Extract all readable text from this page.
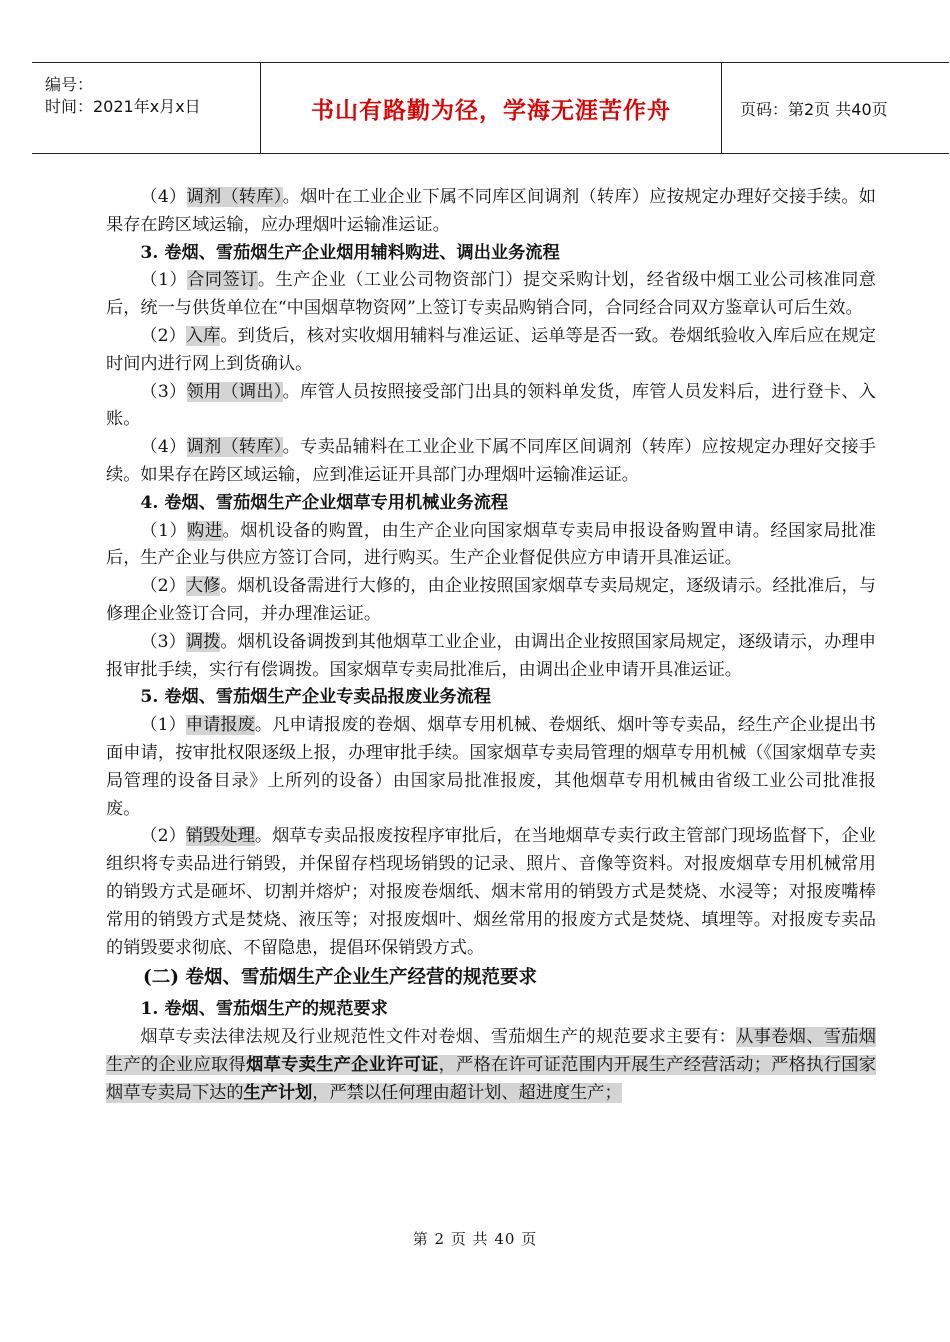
编号：
时间：2021年x月x日	书山有路勤为径，学海无涯苦作舟	页码：第2页 共40页

（4）调剂（转库）。烟叶在工业企业下属不同库区间调剂（转库）应按规定办理好交接手续。如果存在跨区域运输，应办理烟叶运输准运证。

3. 卷烟、雪茄烟生产企业烟用辅料购进、调出业务流程

（1）合同签订。生产企业（工业公司物资部门）提交采购计划，经省级中烟工业公司核准同意后，统一与供货单位在“中国烟草物资网”上签订专卖品购销合同，合同经合同双方鉴章认可后生效。

（2）入库。到货后，核对实收烟用辅料与准运证、运单等是否一致。卷烟纸验收入库后应在规定时间内进行网上到货确认。

（3）领用（调出）。库管人员按照接受部门出具的领料单发货，库管人员发料后，进行登卡、入账。

（4）调剂（转库）。专卖品辅料在工业企业下属不同库区间调剂（转库）应按规定办理好交接手续。如果存在跨区域运输，应到准运证开具部门办理烟叶运输准运证。

4. 卷烟、雪茄烟生产企业烟草专用机械业务流程

（1）购进。烟机设备的购置，由生产企业向国家烟草专卖局申报设备购置申请。经国家局批准后，生产企业与供应方签订合同，进行购买。生产企业督促供应方申请开具准运证。

（2）大修。烟机设备需进行大修的，由企业按照国家烟草专卖局规定，逐级请示。经批准后，与修理企业签订合同，并办理准运证。

（3）调拨。烟机设备调拨到其他烟草工业企业，由调出企业按照国家局规定，逐级请示，办理申报审批手续，实行有偿调拨。国家烟草专卖局批准后，由调出企业申请开具准运证。

5. 卷烟、雪茄烟生产企业专卖品报废业务流程

（1）申请报废。凡申请报废的卷烟、烟草专用机械、卷烟纸、烟叶等专卖品，经生产企业提出书面申请，按审批权限逐级上报，办理审批手续。国家烟草专卖局管理的烟草专用机械（《国家烟草专卖局管理的设备目录》上所列的设备）由国家局批准报废，其他烟草专用机械由省级工业公司批准报废。

（2）销毁处理。烟草专卖品报废按程序审批后，在当地烟草专卖行政主管部门现场监督下，企业组织将专卖品进行销毁，并保留存档现场销毁的记录、照片、音像等资料。对报废烟草专用机械常用的销毁方式是砸坏、切割并熔炉；对报废卷烟纸、烟末常用的销毁方式是焚烧、水浸等；对报废嘴棒常用的销毁方式是焚烧、液压等；对报废烟叶、烟丝常用的报废方式是焚烧、填埋等。对报废专卖品的销毁要求彻底、不留隐患，提倡环保销毁方式。

(二) 卷烟、雪茄烟生产企业生产经营的规范要求

1. 卷烟、雪茄烟生产的规范要求

烟草专卖法律法规及行业规范性文件对卷烟、雪茄烟生产的规范要求主要有：从事卷烟、雪茄烟生产的企业应取得烟草专卖生产企业许可证，严格在许可证范围内开展生产经营活动；严格执行国家烟草专卖局下达的生产计划，严禁以任何理由超计划、超进度生产；

第 2 页 共 40 页
